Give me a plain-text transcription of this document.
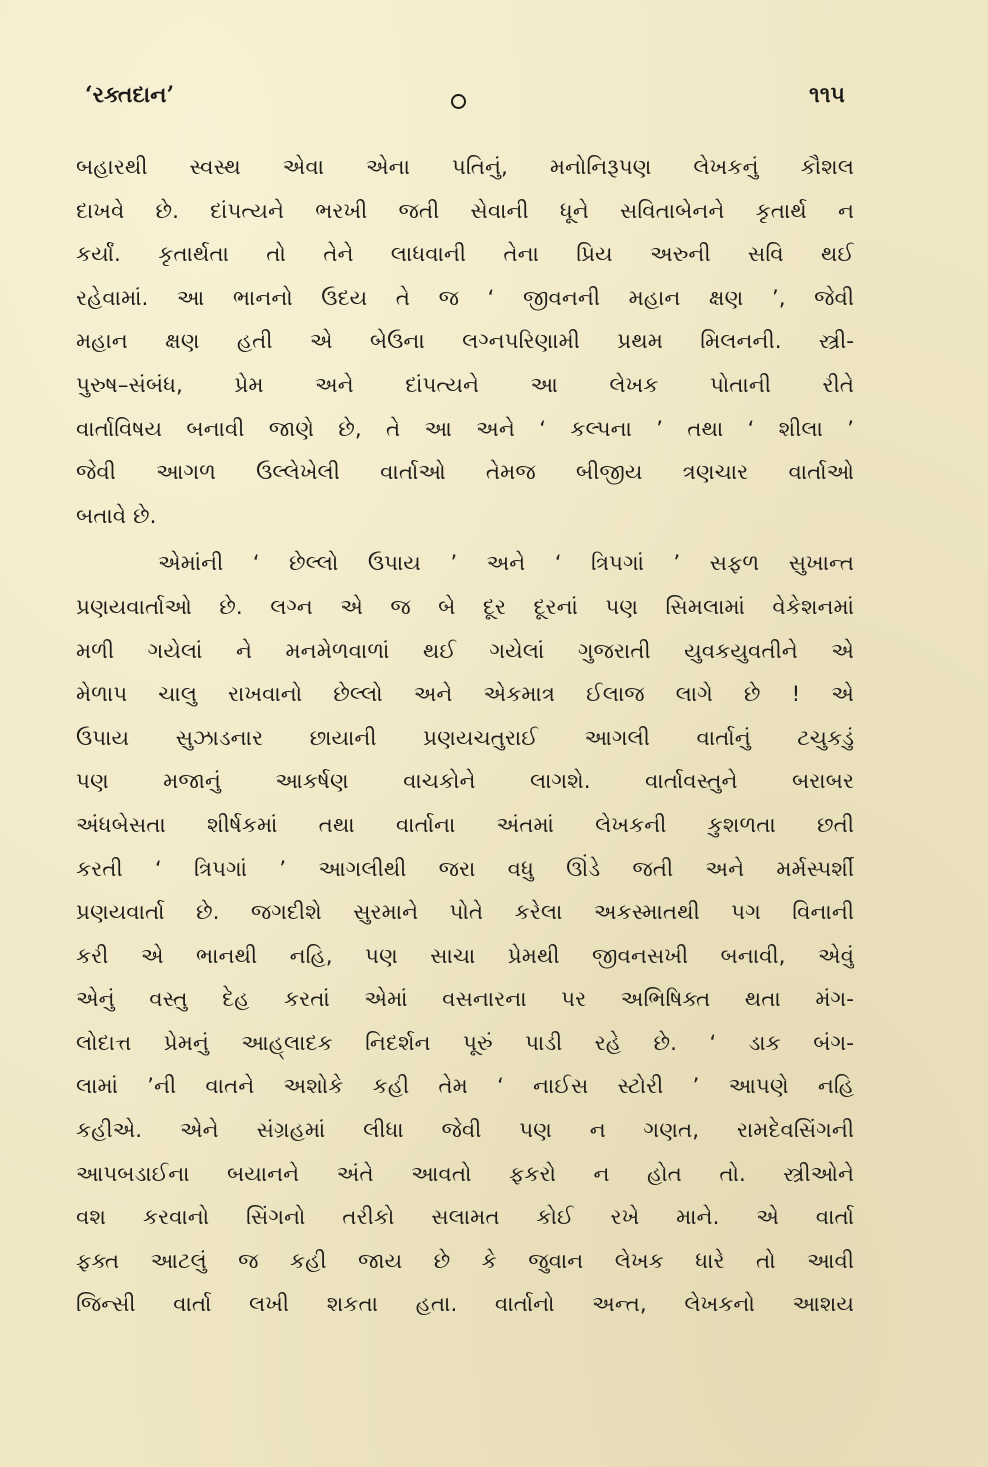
‘રક્તદાન’	૧૧૫
બહારથી સ્વસ્થ એવા એના પતિનું, મનોનિરૂપણ લેખકનું કૌશલ
દાખવે છે. દાંપત્યને ભરખી જતી સેવાની ધૂને સવિતાબેનને કૃતાર્થ ન
કર્યાં. કૃતાર્થતા તો તેને લાધવાની તેના પ્રિય અરુની સવિ થઈ
રહેવામાં. આ ભાનનો ઉદય તે જ ‘ જીવનની મહાન ક્ષણ ’, જેવી
મહાન ક્ષણ હતી એ બેઉના લગ્નપરિણામી પ્રથમ મિલનની. સ્ત્રી-
પુરુષ–સંબંધ, પ્રેમ અને દાંપત્યને આ લેખક પોતાની રીતે
વાર્તાવિષય બનાવી જાણે છે, તે આ અને ‘ કલ્પના ’ તથા ‘ શીલા ’
જેવી આગળ ઉલ્લેખેલી વાર્તાઓ તેમજ બીજીય ત્રણચાર વાર્તાઓ
બતાવે છે.
એમાંની ‘ છેલ્લો ઉપાય ’ અને ‘ ત્રિપગાં ’ સફળ સુખાન્ત
પ્રણયવાર્તાઓ છે. લગ્ન એ જ બે દૂર દૂરનાં પણ સિમલામાં વેકેશનમાં
મળી ગયેલાં ને મનમેળવાળાં થઈ ગયેલાં ગુજરાતી યુવકયુવતીને એ
મેળાપ ચાલુ રાખવાનો છેલ્લો અને એકમાત્ર ઈલાજ લાગે છે ! એ
ઉપાય સુઝાડનાર છાયાની પ્રણયચતુરાઈ આગલી વાર્તાનું ટચુકડું
પણ મજાનું આકર્ષણ વાચકોને લાગશે. વાર્તાવસ્તુને બરાબર
અંધબેસતા શીર્ષકમાં તથા વાર્તાના અંતમાં લેખકની કુશળતા છતી
કરતી ‘ ત્રિપગાં ’ આગલીથી જરા વધુ ઊંડે જતી અને મર્મસ્પર્શી
પ્રણયવાર્તા છે. જગદીશે સુરમાને પોતે કરેલા અકસ્માતથી પગ વિનાની
કરી એ ભાનથી નહિ, પણ સાચા પ્રેમથી જીવનસખી બનાવી, એવું
એનું વસ્તુ દેહ કરતાં એમાં વસનારના પર અભિષિક્ત થતા મંગ-
લોદાત્ત પ્રેમનું આહ્‌લાદક નિદર્શન પૂરું પાડી રહે છે. ‘ ડાક બંગ-
લામાં ’ની વાતને અશોકે કહી તેમ ‘ નાઈસ સ્ટોરી ’ આપણે નહિ
કહીએ. એને સંગ્રહમાં લીધા જેવી પણ ન ગણત, રામદેવસિંગની
આપબડાઈના બયાનને અંતે આવતો ફકરો ન હોત તો. સ્ત્રીઓને
વશ કરવાનો સિંગનો તરીકો સલામત કોઈ રખે માને. એ વાર્તા
ફક્ત આટલું જ કહી જાય છે કે જુવાન લેખક ધારે તો આવી
જિન્સી વાર્તા લખી શકતા હતા. વાર્તાનો અન્ત, લેખકનો આશય
